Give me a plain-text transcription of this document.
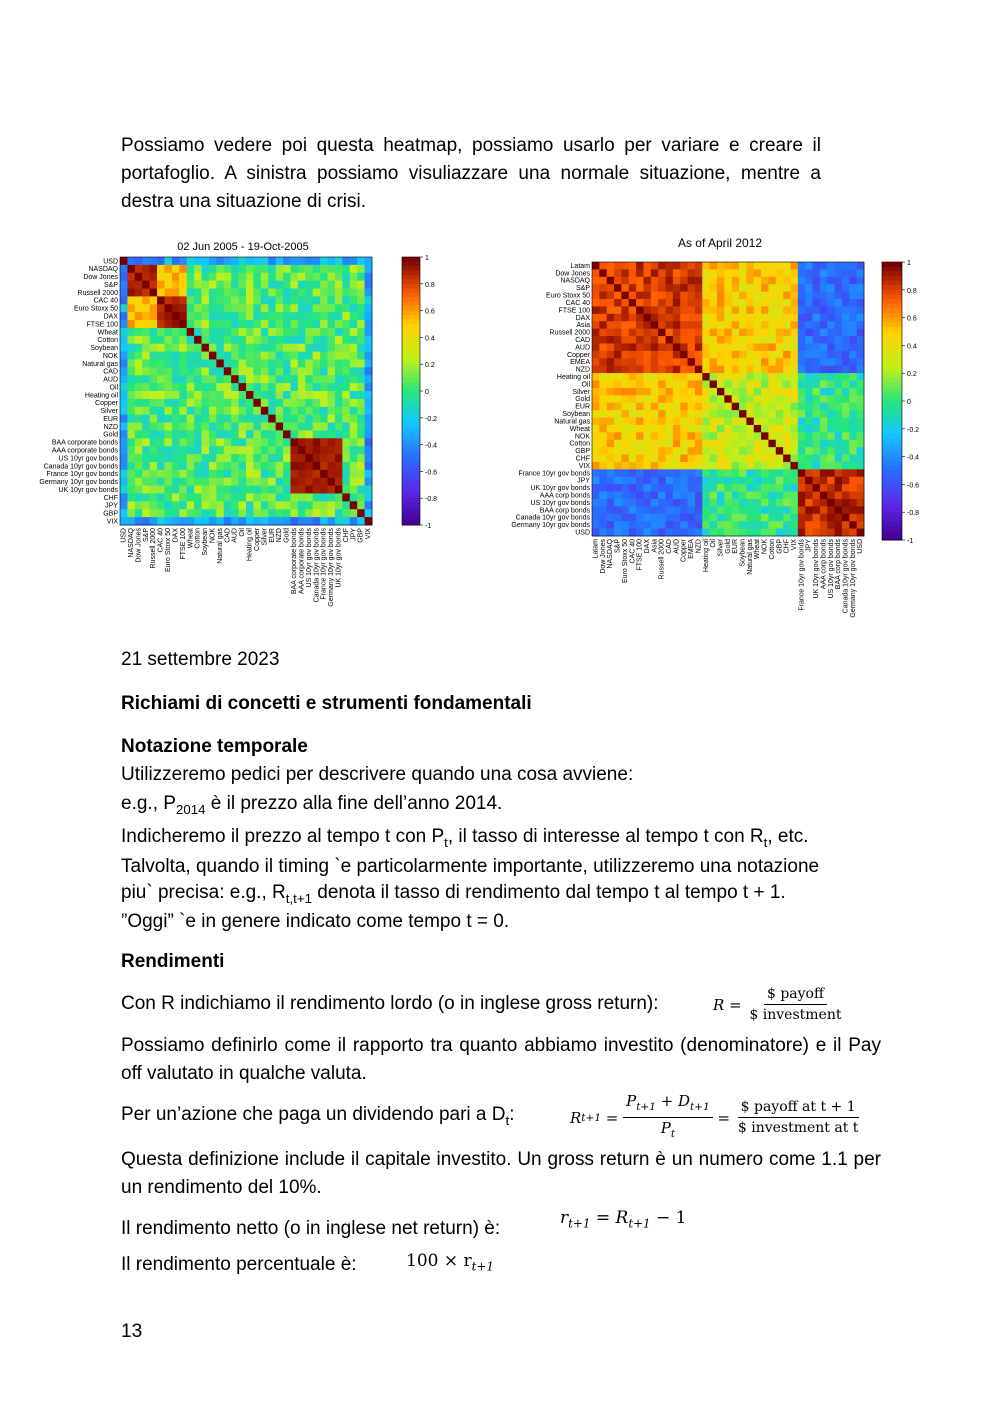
Possiamo vedere poi questa heatmap, possiamo usarlo per variare e creare il portafoglio. A sinistra possiamo visuliazzare una normale situazione, mentre a destra una situazione di crisi.
02 Jun 2005 - 19-Oct-2005
USD
NASDAQ
Dow Jones
S&P
Russell 2000
CAC 40
Euro Stoxx 50
DAX
FTSE 100
Wheat
Cotton
Soybean
NOK
Natural gas
CAD
AUD
Oil
Heating oil
Copper
Silver
EUR
NZD
Gold
BAA corporate bonds
AAA corporate bonds
US 10yr gov bonds
Canada 10yr gov bonds
France 10yr gov bonds
Germany 10yr gov bonds
UK 10yr gov bonds
CHF
JPY
GBP
VIX
USD NASDAQ Dow Jones S&P Russell 2000 CAC 40 Euro Stoxx 50 DAX FTSE 100 Wheat Cotton Soybean NOK Natural gas CAD AUD Oil Heating oil Copper Silver EUR NZD Gold BAA corporate bonds AAA corporate bonds US 10yr gov bonds Canada 10yr gov bonds France 10yr gov bonds Germany 10yr gov bonds UK 10yr gov bonds CHF JPY GBP VIX
1
0.8
0.6
0.4
0.2
0
-0.2
-0.4
-0.6
-0.8
-1
As of April 2012
Latam
Dow Jones
NASDAQ
S&P
Euro Stoxx 50
CAC 40
FTSE 100
DAX
Asia
Russell 2000
CAD
AUD
Copper
EMEA
NZD
Heating oil
Oil
Silver
Gold
EUR
Soybean
Natural gas
Wheat
NOK
Cotton
GBP
CHF
VIX
France 10yr gov bonds
JPY
UK 10yr gov bonds
AAA corp bonds
US 10yr gov bonds
BAA corp bonds
Canada 10yr gov bonds
Germany 10yr gov bonds
USD
Latam Dow Jones NASDAQ S&P Euro Stoxx 50 CAC 40 FTSE 100 DAX Asia Russell 2000 CAD AUD Copper EMEA NZD Heating oil Oil Silver Gold EUR Soybean Natural gas Wheat NOK Cotton GBP CHF VIX France 10yr gov bonds JPY UK 10yr gov bonds AAA corp bonds US 10yr gov bonds BAA corp bonds Canada 10yr gov bonds Germany 10yr gov bonds USD
1
0.8
0.6
0.4
0.2
0
-0.2
-0.4
-0.6
-0.8
-1
21 settembre 2023
Richiami di concetti e strumenti fondamentali
Notazione temporale
Utilizzeremo pedici per descrivere quando una cosa avviene:
e.g., $P_{2014}$ è il prezzo alla fine dell’anno 2014.
Indicheremo il prezzo al tempo t con $P_t$, il tasso di interesse al tempo t con $R_t$, etc.
Talvolta, quando il timing `e particolarmente importante, utilizzeremo una notazione
piu` precisa: e.g., $R_{t,t+1}$ denota il tasso di rendimento dal tempo t al tempo t + 1.
”Oggi” `e in genere indicato come tempo t = 0.
Rendimenti
Con R indichiamo il rendimento lordo (o in inglese gross return):	R =
$\frac{\text{\$ payoff}}{\text{\$ investment}}$
Possiamo definirlo come il rapporto tra quanto abbiamo investito (denominatore) e il Pay off valutato in qualche valuta.
Per un’azione che paga un dividendo pari a $D_t$:	R $t+1 = \frac{P_{t+1} + D_{t+1}}{P_t} = \frac{\text{\$ payoff at t + 1}}{\text{\$ investment at t}}$
Questa definizione include il capitale investito. Un gross return è un numero come 1.1 per un rendimento del 10%.
Il rendimento netto (o in inglese net return) è:	$r_{t+1} = R_{t+1} - 1$
Il rendimento percentuale è:	$100 \times r_{t+1}$
13
